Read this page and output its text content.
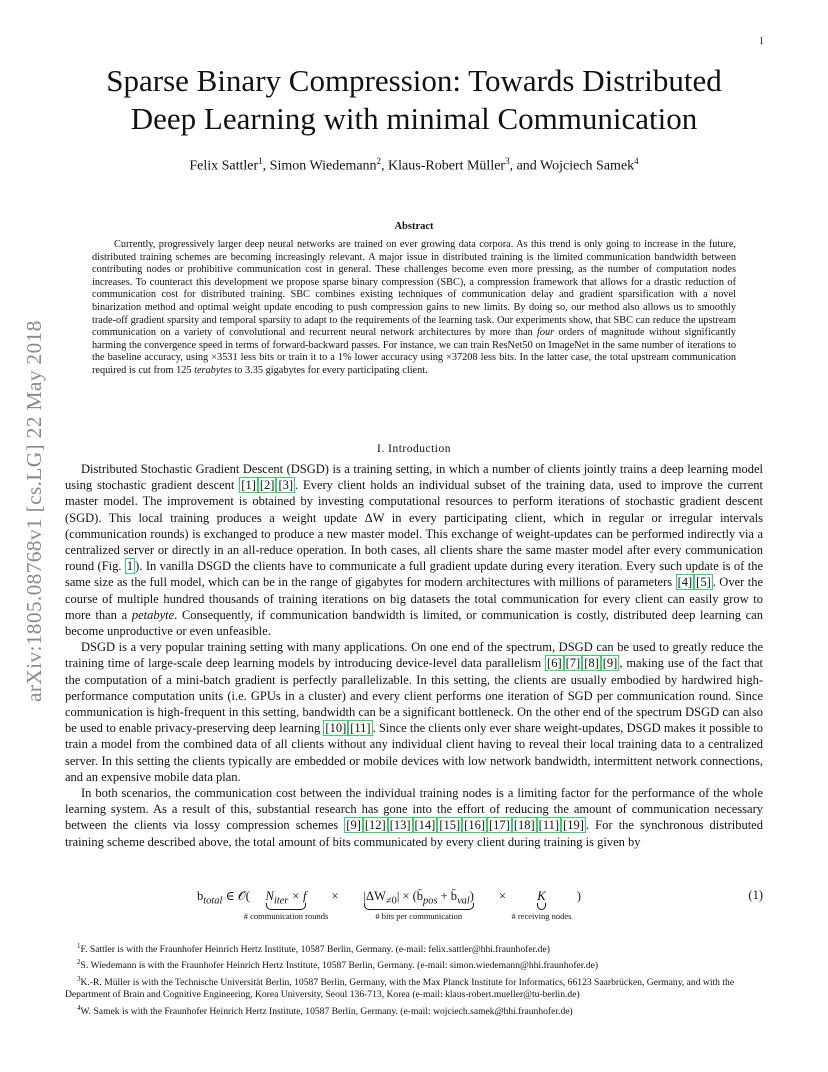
1
arXiv:1805.08768v1 [cs.LG] 22 May 2018
Sparse Binary Compression: Towards Distributed
Deep Learning with minimal Communication
Felix Sattler$^1$, Simon Wiedemann$^2$, Klaus-Robert Müller$^3$, and Wojciech Samek$^4$
Abstract

Currently, progressively larger deep neural networks are trained on ever growing data corpora. As this trend is only going to increase in the future, distributed training schemes are becoming increasingly relevant. A major issue in distributed training is the limited communication bandwidth between contributing nodes or prohibitive communication cost in general. These challenges become even more pressing, as the number of computation nodes increases. To counteract this development we propose sparse binary compression (SBC), a compression framework that allows for a drastic reduction of communication cost for distributed training. SBC combines existing techniques of communication delay and gradient sparsification with a novel binarization method and optimal weight update encoding to push compression gains to new limits. By doing so, our method also allows us to smoothly trade-off gradient sparsity and temporal sparsity to adapt to the requirements of the learning task. Our experiments show, that SBC can reduce the upstream communication on a variety of convolutional and recurrent neural network architectures by more than four orders of magnitude without significantly harming the convergence speed in terms of forward-backward passes. For instance, we can train ResNet50 on ImageNet in the same number of iterations to the baseline accuracy, using ×3531 less bits or train it to a 1% lower accuracy using ×37208 less bits. In the latter case, the total upstream communication required is cut from 125 terabytes to 3.35 gigabytes for every participating client.

I. Introduction

Distributed Stochastic Gradient Descent (DSGD) is a training setting, in which a number of clients jointly trains a deep learning model using stochastic gradient descent [1] [2] [3] . Every client holds an individual subset of the training data, used to improve the current master model. The improvement is obtained by investing computational resources to perform iterations of stochastic gradient descent (SGD). This local training produces a weight update ΔW in every participating client, which in regular or irregular intervals (communication rounds) is exchanged to produce a new master model. This exchange of weight-updates can be performed indirectly via a centralized server or directly in an all-reduce operation. In both cases, all clients share the same master model after every communication round (Fig. 1 ). In vanilla DSGD the clients have to communicate a full gradient update during every iteration. Every such update is of the same size as the full model, which can be in the range of gigabytes for modern architectures with millions of parameters [4] [5] . Over the course of multiple hundred thousands of training iterations on big datasets the total communication for every client can easily grow to more than a petabyte. Consequently, if communication bandwidth is limited, or communication is costly, distributed deep learning can become unproductive or even unfeasible.

DSGD is a very popular training setting with many applications. On one end of the spectrum, DSGD can be used to greatly reduce the training time of large-scale deep learning models by introducing device-level data parallelism [6] [7] [8] [9] , making use of the fact that the computation of a mini-batch gradient is perfectly parallelizable. In this setting, the clients are usually embodied by hardwired high-performance computation units (i.e. GPUs in a cluster) and every client performs one iteration of SGD per communication round. Since communication is high-frequent in this setting, bandwidth can be a significant bottleneck. On the other end of the spectrum DSGD can also be used to enable privacy-preserving deep learning [10] [11] . Since the clients only ever share weight-updates, DSGD makes it possible to train a model from the combined data of all clients without any individual client having to reveal their local training data to a centralized server. In this setting the clients typically are embedded or mobile devices with low network bandwidth, intermittent network connections, and an expensive mobile data plan.

In both scenarios, the communication cost between the individual training nodes is a limiting factor for the performance of the whole learning system. As a result of this, substantial research has gone into the effort of reducing the amount of communication necessary between the clients via lossy compression schemes [9] [12] [13] [14] [15] [16] [17] [18] [11] [19] . For the synchronous distributed training scheme described above, the total amount of bits communicated by every client during training is given by

$b_{total}$ ∈ 𝒪( $N_{iter} \times f$
# communication rounds
× $|\Delta W_{\ne 0}|$ × ($b̄_{pos}$ + $b̄_{val}$)
# bits per communication
×	K
# receiving nodes
)	(1)

$^1$F. Sattler is with the Fraunhofer Heinrich Hertz Institute, 10587 Berlin, Germany. (e-mail: felix.sattler@hhi.fraunhofer.de)

$^2$S. Wiedemann is with the Fraunhofer Heinrich Hertz Institute, 10587 Berlin, Germany. (e-mail: simon.wiedemann@hhi.fraunhofer.de)

$^3$K.-R. Müller is with the Technische Universität Berlin, 10587 Berlin, Germany, with the Max Planck Institute for Informatics, 66123 Saarbrücken, Germany, and with the Department of Brain and Cognitive Engineering, Korea University, Seoul 136-713, Korea (e-mail: klaus-robert.mueller@tu-berlin.de)

$^4$W. Samek is with the Fraunhofer Heinrich Hertz Institute, 10587 Berlin, Germany. (e-mail: wojciech.samek@hhi.fraunhofer.de)
